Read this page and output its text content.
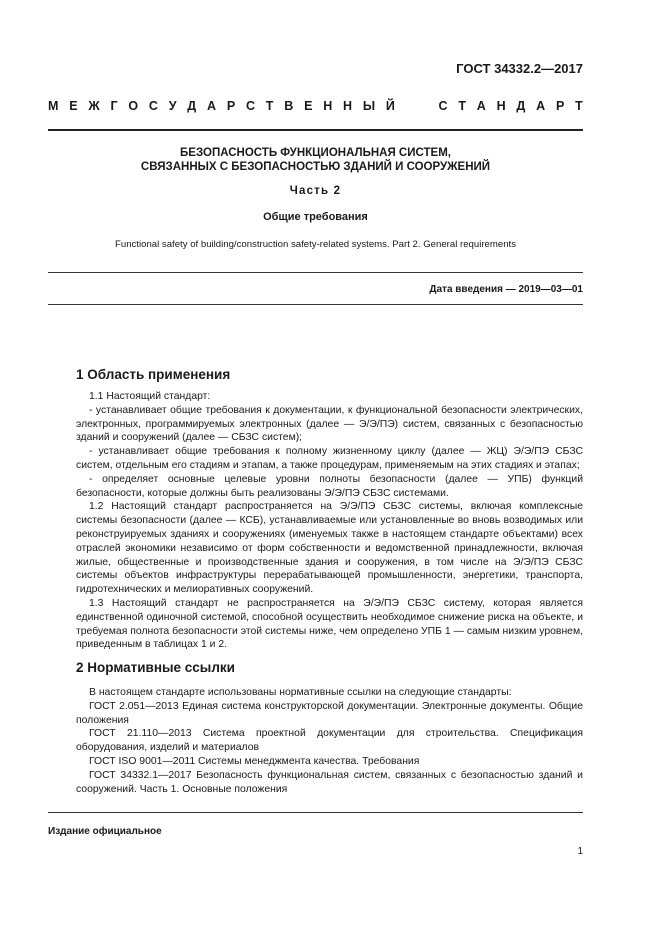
ГОСТ 34332.2—2017
М Е Ж Г О С У Д А Р С Т В Е Н Н Ы Й	С Т А Н Д А Р Т
БЕЗОПАСНОСТЬ ФУНКЦИОНАЛЬНАЯ СИСТЕМ,
СВЯЗАННЫХ С БЕЗОПАСНОСТЬЮ ЗДАНИЙ И СООРУЖЕНИЙ
Часть 2
Общие требования
Functional safety of building/construction safety-related systems. Part 2. General requirements
Дата введения — 2019—03—01
1 Область применения

1.1 Настоящий стандарт:

- устанавливает общие требования к документации, к функциональной безопасности электрических, электронных, программируемых электронных (далее — Э/Э/ПЭ) систем, связанных с безопасностью зданий и сооружений (далее — СБЗС систем);

- устанавливает общие требования к полному жизненному циклу (далее — ЖЦ) Э/Э/ПЭ СБЗС систем, отдельным его стадиям и этапам, а также процедурам, применяемым на этих стадиях и этапах;

- определяет основные целевые уровни полноты безопасности (далее — УПБ) функций безопасности, которые должны быть реализованы Э/Э/ПЭ СБЗС системами.

1.2 Настоящий стандарт распространяется на Э/Э/ПЭ СБЗС системы, включая комплексные системы безопасности (далее — КСБ), устанавливаемые или установленные во вновь возводимых или реконструируемых зданиях и сооружениях (именуемых также в настоящем стандарте объектами) всех отраслей экономики независимо от форм собственности и ведомственной принадлежности, включая жилые, общественные и производственные здания и сооружения, в том числе на Э/Э/ПЭ СБЗС системы объектов инфраструктуры перерабатывающей промышленности, энергетики, транспорта, гидротехнических и мелиоративных сооружений.

1.3 Настоящий стандарт не распространяется на Э/Э/ПЭ СБЗС систему, которая является единственной одиночной системой, способной осуществить необходимое снижение риска на объекте, и требуемая полнота безопасности этой системы ниже, чем определено УПБ 1 — самым низким уровнем, приведенным в таблицах 1 и 2.

2 Нормативные ссылки

В настоящем стандарте использованы нормативные ссылки на следующие стандарты:

ГОСТ 2.051—2013 Единая система конструкторской документации. Электронные документы. Общие положения

ГОСТ 21.110—2013 Система проектной документации для строительства. Спецификация оборудования, изделий и материалов

ГОСТ ISO 9001—2011 Системы менеджмента качества. Требования

ГОСТ 34332.1—2017 Безопасность функциональная систем, связанных с безопасностью зданий и сооружений. Часть 1. Основные положения

Издание официальное
1
